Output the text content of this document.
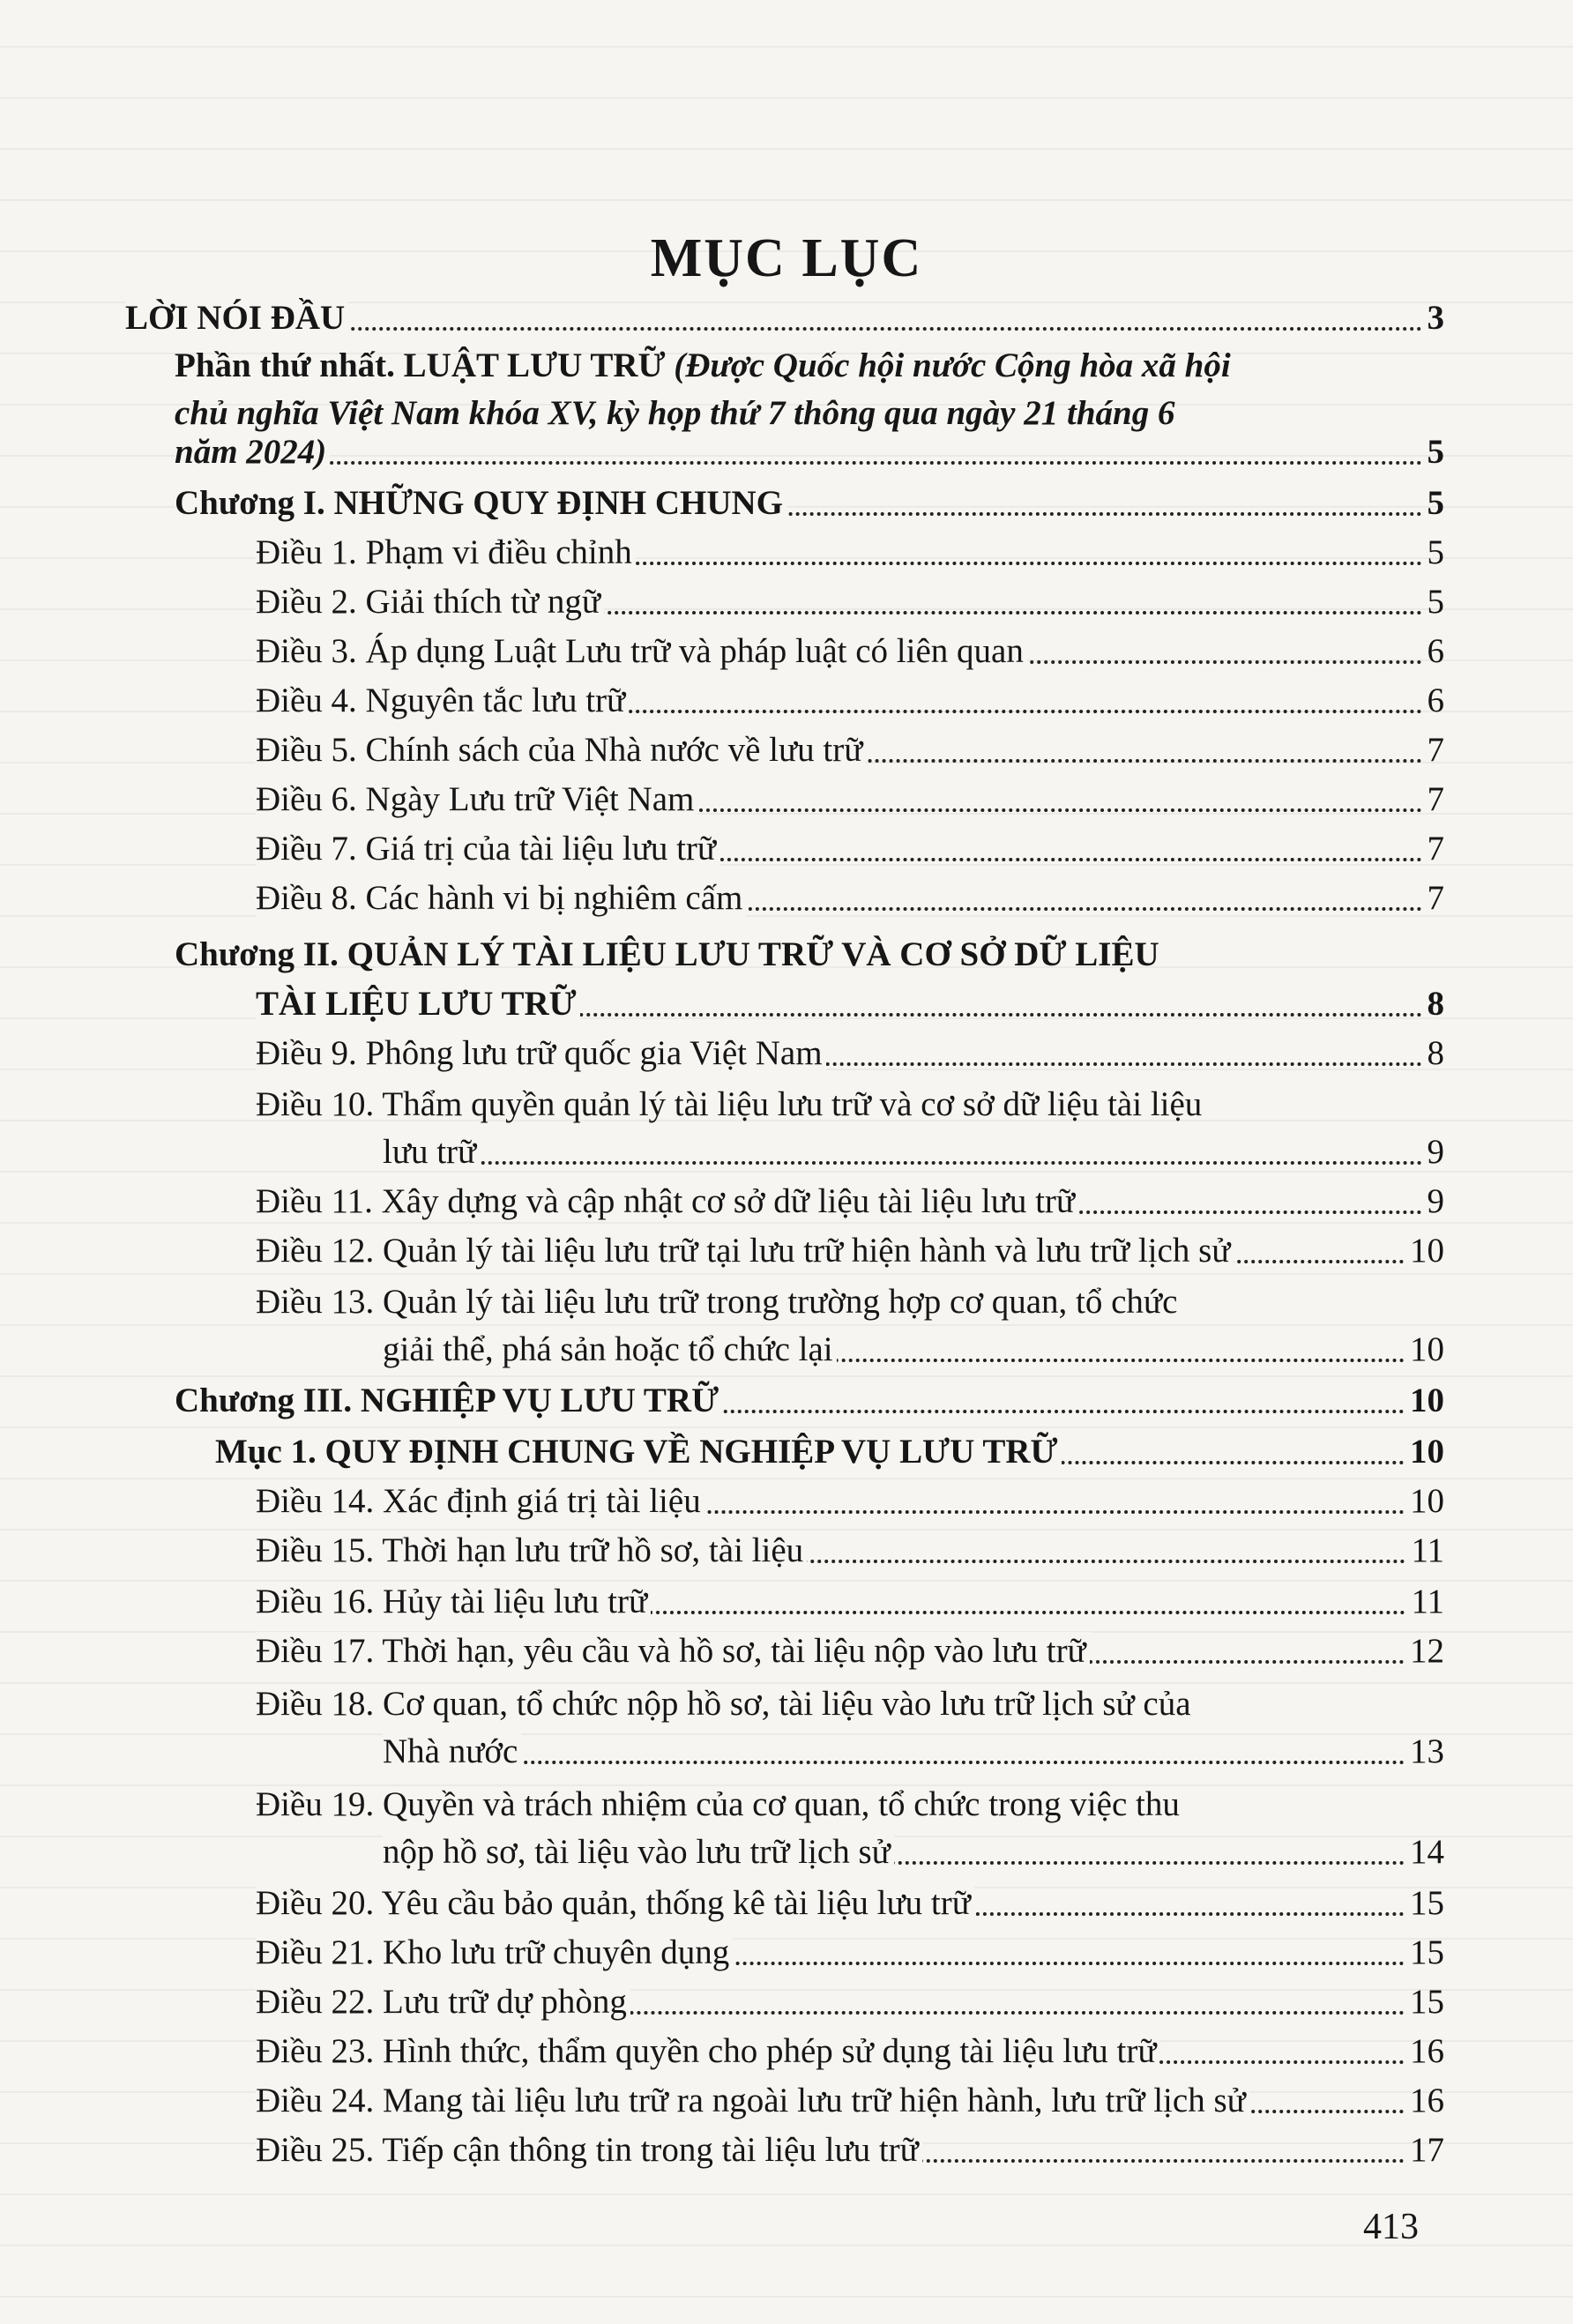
MỤC LỤC
LỜI NÓI ĐẦU	3
Phần thứ nhất. LUẬT LƯU TRỮ (Được Quốc hội nước Cộng hòa xã hội
chủ nghĩa Việt Nam khóa XV, kỳ họp thứ 7 thông qua ngày 21 tháng 6
năm 2024)	5
Chương I. NHỮNG QUY ĐỊNH CHUNG	5
Điều 1. Phạm vi điều chỉnh	5
Điều 2. Giải thích từ ngữ	5
Điều 3. Áp dụng Luật Lưu trữ và pháp luật có liên quan	6
Điều 4. Nguyên tắc lưu trữ	6
Điều 5. Chính sách của Nhà nước về lưu trữ	7
Điều 6. Ngày Lưu trữ Việt Nam	7
Điều 7. Giá trị của tài liệu lưu trữ	7
Điều 8. Các hành vi bị nghiêm cấm	7
Chương II. QUẢN LÝ TÀI LIỆU LƯU TRỮ VÀ CƠ SỞ DỮ LIỆU
TÀI LIỆU LƯU TRỮ	8
Điều 9. Phông lưu trữ quốc gia Việt Nam	8
Điều 10. Thẩm quyền quản lý tài liệu lưu trữ và cơ sở dữ liệu tài liệu
lưu trữ	9
Điều 11. Xây dựng và cập nhật cơ sở dữ liệu tài liệu lưu trữ	9
Điều 12. Quản lý tài liệu lưu trữ tại lưu trữ hiện hành và lưu trữ lịch sử	10
Điều 13. Quản lý tài liệu lưu trữ trong trường hợp cơ quan, tổ chức
giải thể, phá sản hoặc tổ chức lại	10
Chương III. NGHIỆP VỤ LƯU TRỮ	10
Mục 1. QUY ĐỊNH CHUNG VỀ NGHIỆP VỤ LƯU TRỮ	10
Điều 14. Xác định giá trị tài liệu	10
Điều 15. Thời hạn lưu trữ hồ sơ, tài liệu	11
Điều 16. Hủy tài liệu lưu trữ	11
Điều 17. Thời hạn, yêu cầu và hồ sơ, tài liệu nộp vào lưu trữ	12
Điều 18. Cơ quan, tổ chức nộp hồ sơ, tài liệu vào lưu trữ lịch sử của
Nhà nước	13
Điều 19. Quyền và trách nhiệm của cơ quan, tổ chức trong việc thu
nộp hồ sơ, tài liệu vào lưu trữ lịch sử	14
Điều 20. Yêu cầu bảo quản, thống kê tài liệu lưu trữ	15
Điều 21. Kho lưu trữ chuyên dụng	15
Điều 22. Lưu trữ dự phòng	15
Điều 23. Hình thức, thẩm quyền cho phép sử dụng tài liệu lưu trữ	16
Điều 24. Mang tài liệu lưu trữ ra ngoài lưu trữ hiện hành, lưu trữ lịch sử	16
Điều 25. Tiếp cận thông tin trong tài liệu lưu trữ	17
413
